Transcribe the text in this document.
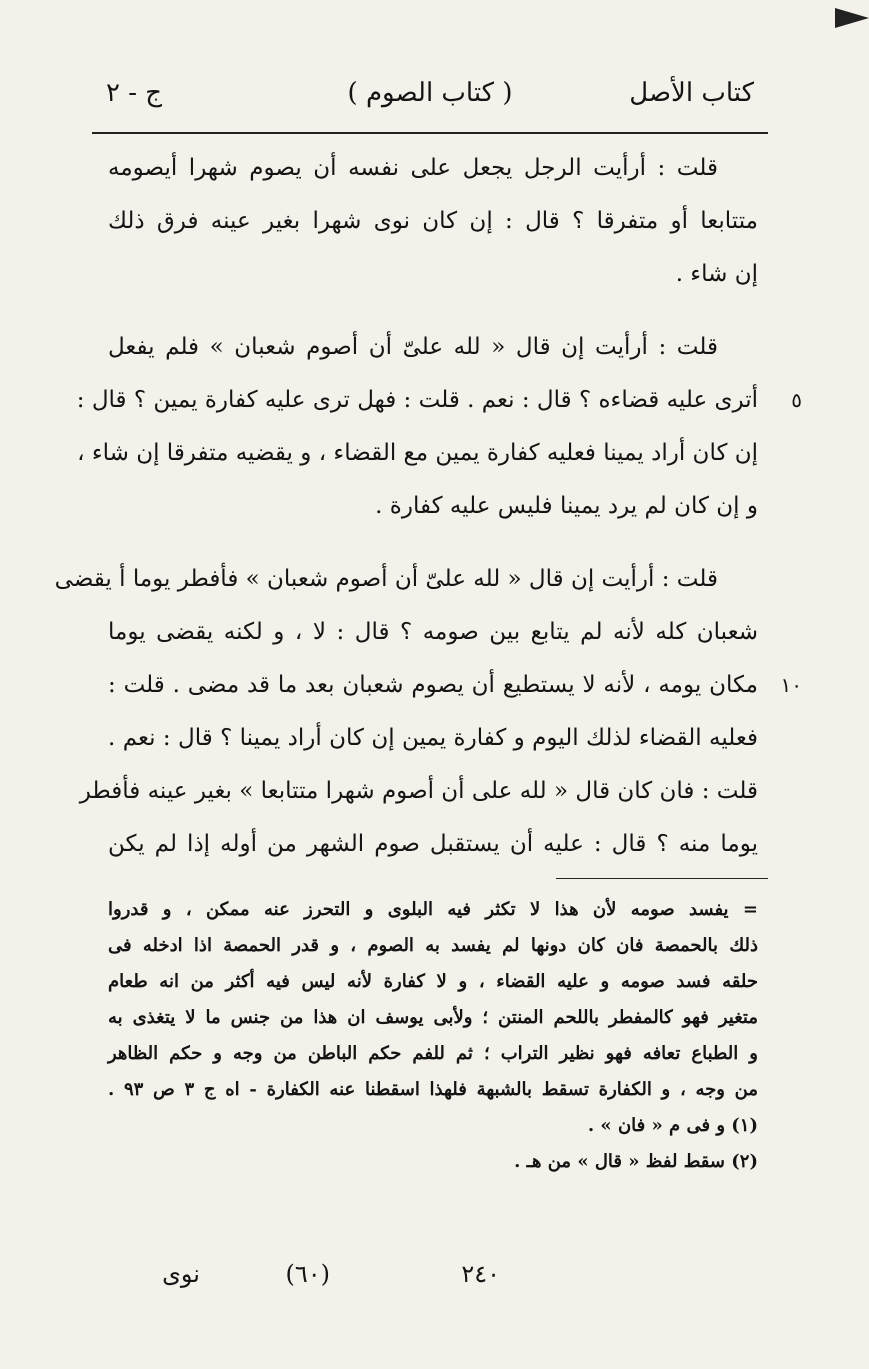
كتاب الأصل
( كتاب الصوم )
ج - ٢
قلت : أرأيت الرجل يجعل على نفسه أن يصوم شهرا أيصومه
متتابعا أو متفرقا ؟ قال : إن كان نوى شهرا بغير عينه فرق ذلك
إن شاء .
قلت : أرأيت إن قال « لله علىّ أن أصوم شعبان » فلم يفعل
٥
أترى عليه قضاءه ؟ قال : نعم . قلت : فهل ترى عليه كفارة يمين ؟ قال :
إن كان أراد يمينا فعليه كفارة يمين مع القضاء ، و يقضيه متفرقا إن شاء ،
و إن كان لم يرد يمينا فليس عليه كفارة .
قلت : أرأيت إن قال « لله علىّ أن أصوم شعبان » فأفطر يوما أ يقضى
شعبان كله لأنه لم يتابع بين صومه ؟ قال : لا ، و لكنه يقضى يوما
١٠
مكان يومه ، لأنه لا يستطيع أن يصوم شعبان بعد ما قد مضى . قلت :
فعليه القضاء لذلك اليوم و كفارة يمين إن كان أراد يمينا ؟ قال : نعم .
قلت : فان كان قال « لله على أن أصوم شهرا متتابعا » بغير عينه فأفطر
يوما منه ؟ قال : عليه أن يستقبل صوم الشهر من أوله إذا لم يكن
= يفسد صومه لأن هذا لا تكثر فيه البلوى و التحرز عنه ممكن ، و قدروا
ذلك بالحمصة فان كان دونها لم يفسد به الصوم ، و قدر الحمصة اذا ادخله فى
حلقه فسد صومه و عليه القضاء ، و لا كفارة لأنه ليس فيه أكثر من انه طعام
متغير فهو كالمفطر باللحم المنتن ؛ ولأبى يوسف ان هذا من جنس ما لا يتغذى به
و الطباع تعافه فهو نظير التراب ؛ ثم للفم حكم الباطن من وجه و حكم الظاهر
من وجه ، و الكفارة تسقط بالشبهة فلهذا اسقطنا عنه الكفارة - اه ج ٣ ص ٩٣ .
(١) و فى م « فان » .
(٢) سقط لفظ « قال » من هـ .
٢٤٠
(٦٠)
نوى
